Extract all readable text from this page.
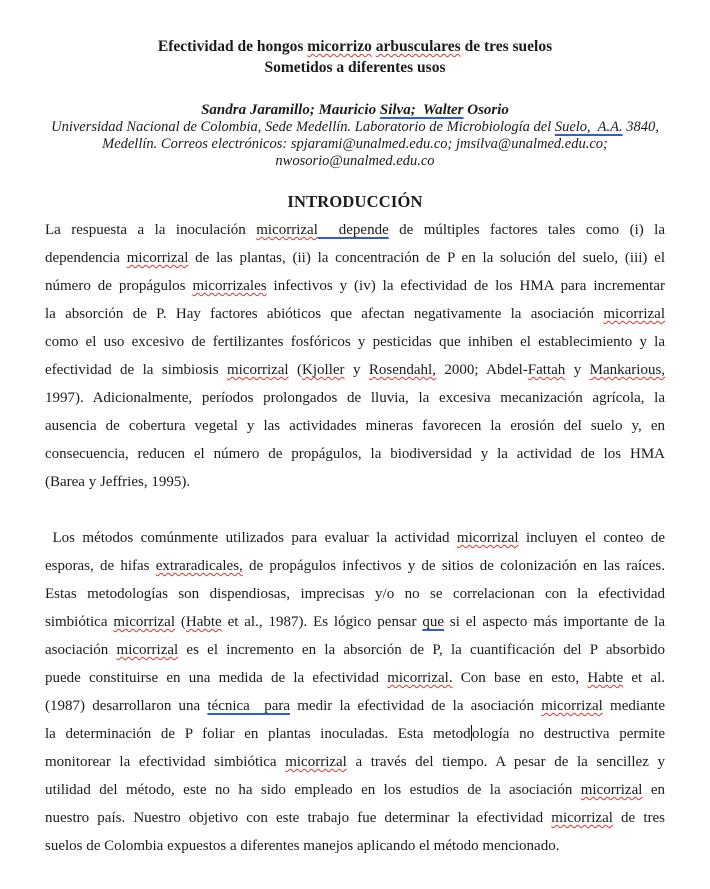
Efectividad de hongos micorrizo arbusculares de tres suelos
Sometidos a diferentes usos
Sandra Jaramillo; Mauricio Silva;  Walter Osorio
Universidad Nacional de Colombia, Sede Medellín. Laboratorio de Microbiología del Suelo,  A.A. 3840,
Medellín. Correos electrónicos: spjarami@unalmed.edu.co; jmsilva@unalmed.edu.co;
nwosorio@unalmed.edu.co
INTRODUCCIÓN
La respuesta a la inoculación micorrizal  depende de múltiples factores tales como (i) la
dependencia micorrizal de las plantas, (ii) la concentración de P en la solución del suelo, (iii) el
número de propágulos micorrizales infectivos y (iv) la efectividad de los HMA para incrementar
la absorción de P. Hay factores abióticos que afectan negativamente la asociación micorrizal
como el uso excesivo de fertilizantes fosfóricos y pesticidas que inhiben el establecimiento y la
efectividad de la simbiosis micorrizal (Kjoller y Rosendahl, 2000; Abdel-Fattah y Mankarious,
1997). Adicionalmente, períodos prolongados de lluvia, la excesiva mecanización agrícola, la
ausencia de cobertura vegetal y las actividades mineras favorecen la erosión del suelo y, en
consecuencia, reducen el número de propágulos, la biodiversidad y la actividad de los HMA
(Barea y Jeffries, 1995).
Los métodos comúnmente utilizados para evaluar la actividad micorrizal incluyen el conteo de
esporas, de hifas extraradicales, de propágulos infectivos y de sitios de colonización en las raíces.
Estas metodologías son dispendiosas, imprecisas y/o no se correlacionan con la efectividad
simbiótica micorrizal (Habte et al., 1987). Es lógico pensar que si el aspecto más importante de la
asociación micorrizal es el incremento en la absorción de P, la cuantificación del P absorbido
puede constituirse en una medida de la efectividad micorrizal. Con base en esto, Habte et al.
(1987) desarrollaron una técnica  para medir la efectividad de la asociación micorrizal mediante
la determinación de P foliar en plantas inoculadas. Esta metodología no destructiva permite
monitorear la efectividad simbiótica micorrizal a través del tiempo. A pesar de la sencillez y
utilidad del método, este no ha sido empleado en los estudios de la asociación micorrizal en
nuestro país. Nuestro objetivo con este trabajo fue determinar la efectividad micorrizal de tres
suelos de Colombia expuestos a diferentes manejos aplicando el método mencionado.
